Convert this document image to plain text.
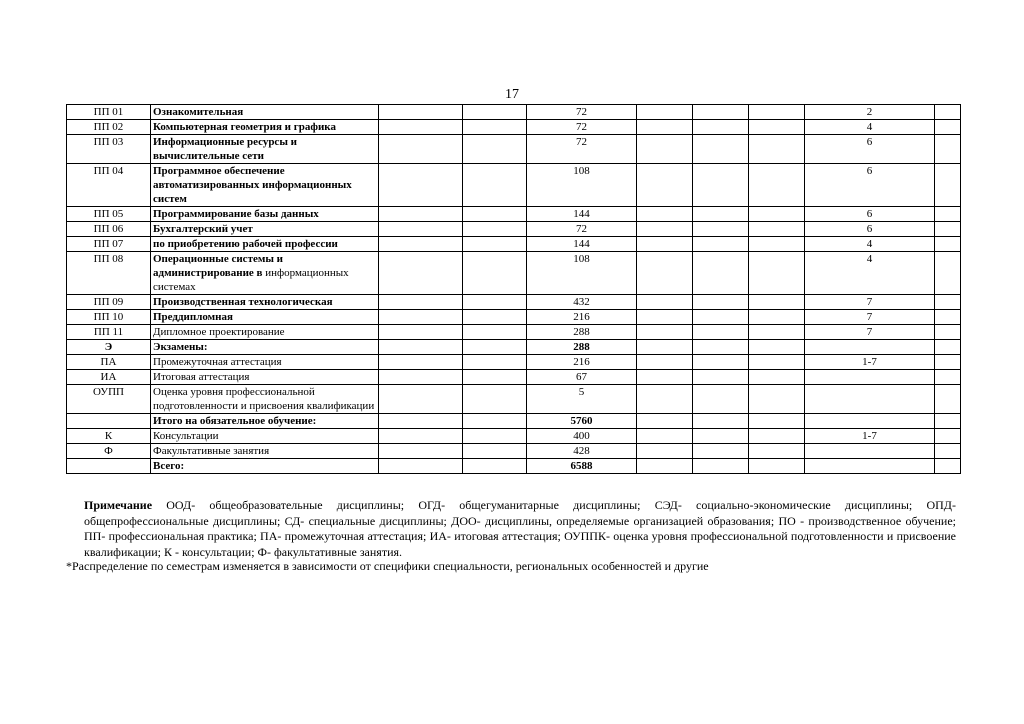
17
ПП 01	Ознакомительная			72				2	
ПП 02	Компьютерная геометрия и графика			72				4	
ПП 03	Информационные ресурсы и вычислительные сети			72				6	
ПП 04	Программное обеспечение автоматизированных информационных систем			108				6	
ПП 05	Программирование базы данных			144				6	
ПП 06	Бухгалтерский учет			72				6	
ПП 07	по приобретению рабочей профессии			144				4	
ПП 08	Операционные системы и администрирование в информационных системах			108				4	
ПП 09	Производственная технологическая			432				7	
ПП 10	Преддипломная			216				7	
ПП 11	Дипломное проектирование			288				7	
Э	Экзамены:			288					
ПА	Промежуточная аттестация			216				1-7	
ИА	Итоговая аттестация			67					
ОУПП	Оценка уровня профессиональной подготовленности и присвоения квалификации			5					
	Итого на обязательное обучение:			5760					
К	Консультации			400				1-7	
Ф	Факультативные занятия			428					
	Всего:			6588					
Примечание ООД- общеобразовательные дисциплины; ОГД- общегуманитарные дисциплины; СЭД- социально-экономические дисциплины; ОПД- общепрофессиональные дисциплины; СД- специальные дисциплины; ДОО- дисциплины, определяемые организацией образования; ПО - производственное обучение; ПП- профессиональная практика; ПА- промежуточная аттестация; ИА- итоговая аттестация; ОУППК- оценка уровня профессиональной подготовленности и присвоение квалификации; К - консультации; Ф- факультативные занятия.
*Распределение по семестрам изменяется в зависимости от специфики специальности, региональных особенностей и другие
